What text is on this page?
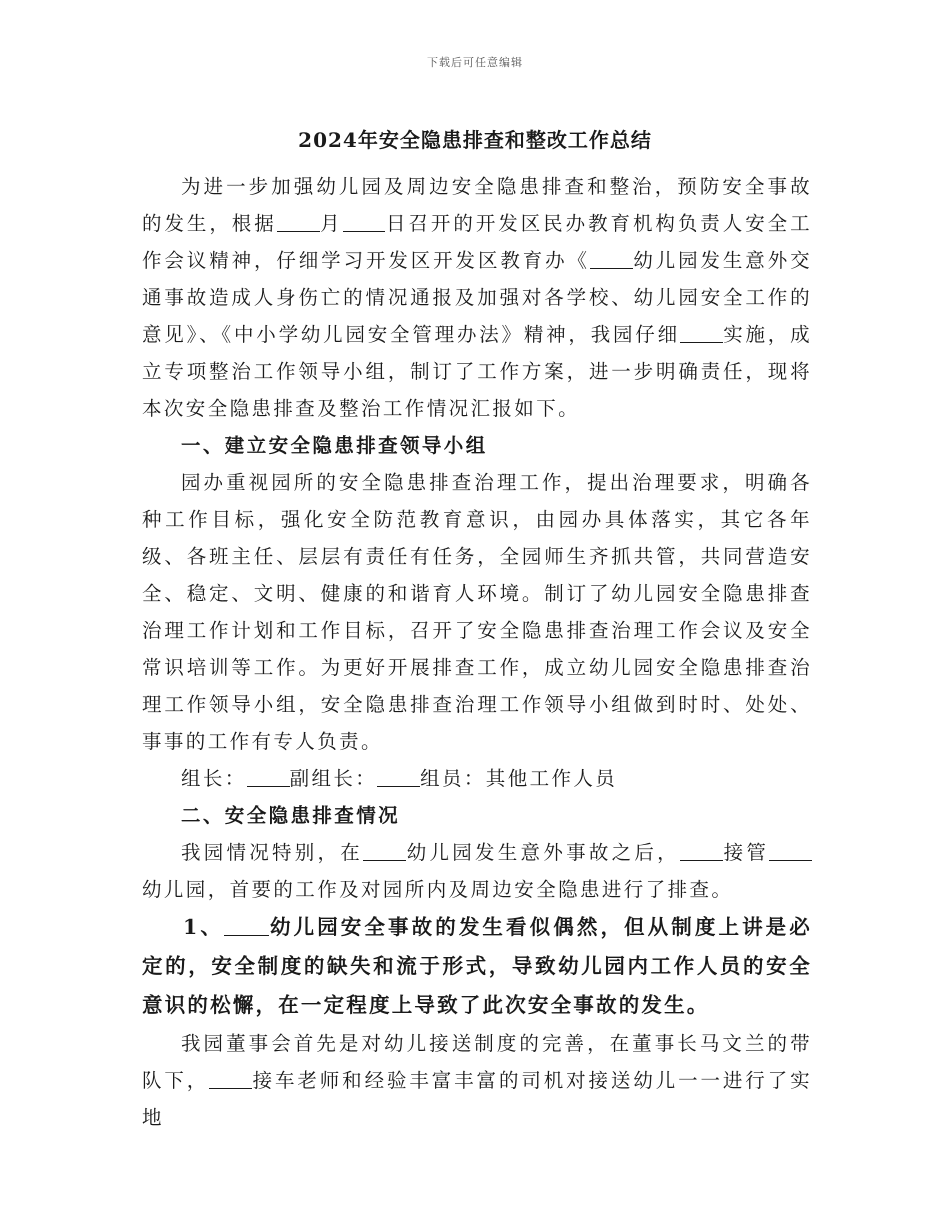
下载后可任意编辑
2024年安全隐患排查和整改工作总结

为进一步加强幼儿园及周边安全隐患排查和整治，预防安全事故的发生，根据 月 日召开的开发区民办教育机构负责人安全工作会议精神，仔细学习开发区开发区教育办《 幼儿园发生意外交通事故造成人身伤亡的情况通报及加强对各学校、幼儿园安全工作的意见》、《中小学幼儿园安全管理办法》精神，我园仔细 实施，成立专项整治工作领导小组，制订了工作方案，进一步明确责任，现将本次安全隐患排查及整治工作情况汇报如下。

一、建立安全隐患排查领导小组

园办重视园所的安全隐患排查治理工作，提出治理要求，明确各种工作目标，强化安全防范教育意识，由园办具体落实，其它各年级、各班主任、层层有责任有任务，全园师生齐抓共管，共同营造安全、稳定、文明、健康的和谐育人环境。制订了幼儿园安全隐患排查治理工作计划和工作目标，召开了安全隐患排查治理工作会议及安全常识培训等工作。为更好开展排查工作，成立幼儿园安全隐患排查治理工作领导小组，安全隐患排查治理工作领导小组做到时时、处处、事事的工作有专人负责。

组长： 副组长： 组员：其他工作人员

二、安全隐患排查情况

我园情况特别，在 幼儿园发生意外事故之后， 接管幼儿园，首要的工作及对园所内及周边安全隐患进行了排查。

1、 幼儿园安全事故的发生看似偶然，但从制度上讲是必定的，安全制度的缺失和流于形式，导致幼儿园内工作人员的安全意识的松懈，在一定程度上导致了此次安全事故的发生。

我园董事会首先是对幼儿接送制度的完善，在董事长马文兰的带队下， 接车老师和经验丰富丰富的司机对接送幼儿一一进行了实地
